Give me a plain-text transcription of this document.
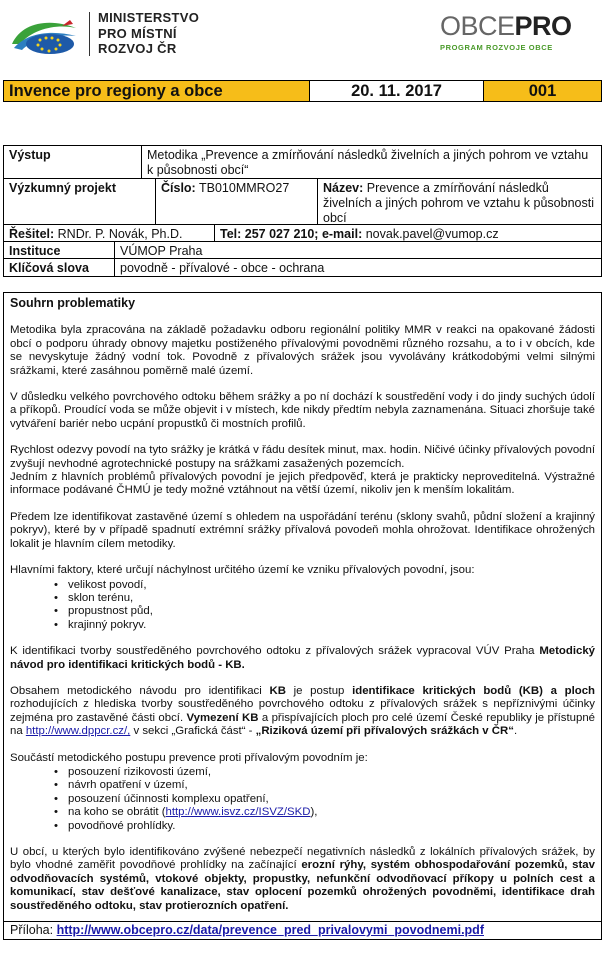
MINISTERSTVO
PRO MÍSTNÍ
ROZVOJ ČR
OBCEPRO
PROGRAM ROZVOJE OBCE
Invence pro regiony a obce	20. 11. 2017	001
Výstup	Metodika „Prevence a zmírňování následků živelních a jiných pohrom ve vztahu k působnosti obcí“
Výzkumný projekt	Číslo: TB010MMRO27	Název: Prevence a zmírňování následků živelních a jiných pohrom ve vztahu k působnosti obcí
Řešitel: RNDr. P. Novák, Ph.D.	Tel: 257 027 210; e-mail: novak.pavel@vumop.cz
Instituce	VÚMOP Praha
Klíčová slova	povodně - přívalové - obce - ochrana
Souhrn problematiky

Metodika byla zpracována na základě požadavku odboru regionální politiky MMR v reakci na opakované žádosti obcí o podporu úhrady obnovy majetku postiženého přívalovými povodněmi různého rozsahu, a to i v obcích, kde se nevyskytuje žádný vodní tok. Povodně z přívalových srážek jsou vyvolávány krátkodobými velmi silnými srážkami, které zasáhnou poměrně malé území.

V důsledku velkého povrchového odtoku během srážky a po ní dochází k soustředění vody i do jindy suchých údolí a příkopů. Proudící voda se může objevit i v místech, kde nikdy předtím nebyla zaznamenána. Situaci zhoršuje také vytváření bariér nebo ucpání propustků či mostních profilů.

Rychlost odezvy povodí na tyto srážky je krátká v řádu desítek minut, max. hodin. Ničivé účinky přívalových povodní zvyšují nevhodné agrotechnické postupy na srážkami zasažených pozemcích.
Jedním z hlavních problémů přívalových povodní je jejich předpověď, která je prakticky neproveditelná. Výstražné informace podávané ČHMÚ je tedy možné vztáhnout na větší území, nikoliv jen k menším lokalitám.

Předem lze identifikovat zastavěné území s ohledem na uspořádání terénu (sklony svahů, půdní složení a krajinný pokryv), které by v případě spadnutí extrémní srážky přívalová povodeň mohla ohrožovat. Identifikace ohrožených lokalit je hlavním cílem metodiky.

Hlavními faktory, které určují náchylnost určitého území ke vzniku přívalových povodní, jsou:

• velikost povodí,
• sklon terénu,
• propustnost půd,
• krajinný pokryv.

K identifikaci tvorby soustředěného povrchového odtoku z přívalových srážek vypracoval VÚV Praha Metodický návod pro identifikaci kritických bodů - KB.

Obsahem metodického návodu pro identifikaci KB je postup identifikace kritických bodů (KB) a ploch rozhodujících z hlediska tvorby soustředěného povrchového odtoku z přívalových srážek s nepříznivými účinky zejména pro zastavěné části obcí. Vymezení KB a přispívajících ploch pro celé území České republiky je přístupné na http://www.dppcr.cz/, v sekci „Grafická část“ - „Riziková území při přívalových srážkách v ČR“.

Součástí metodického postupu prevence proti přívalovým povodním je:

• posouzení rizikovosti území,
• návrh opatření v území,
• posouzení účinnosti komplexu opatření,
• na koho se obrátit (http://www.isvz.cz/ISVZ/SKD),
• povodňové prohlídky.

U obcí, u kterých bylo identifikováno zvýšené nebezpečí negativních následků z lokálních přívalových srážek, by bylo vhodné zaměřit povodňové prohlídky na začínající erozní rýhy, systém obhospodařování pozemků, stav odvodňovacích systémů, vtokové objekty, propustky, nefunkční odvodňovací příkopy u polních cest a komunikací, stav dešťové kanalizace, stav oplocení pozemků ohrožených povodněmi, identifikace drah soustředěného odtoku, stav protierozních opatření.

Příloha: http://www.obcepro.cz/data/prevence_pred_privalovymi_povodnemi.pdf
